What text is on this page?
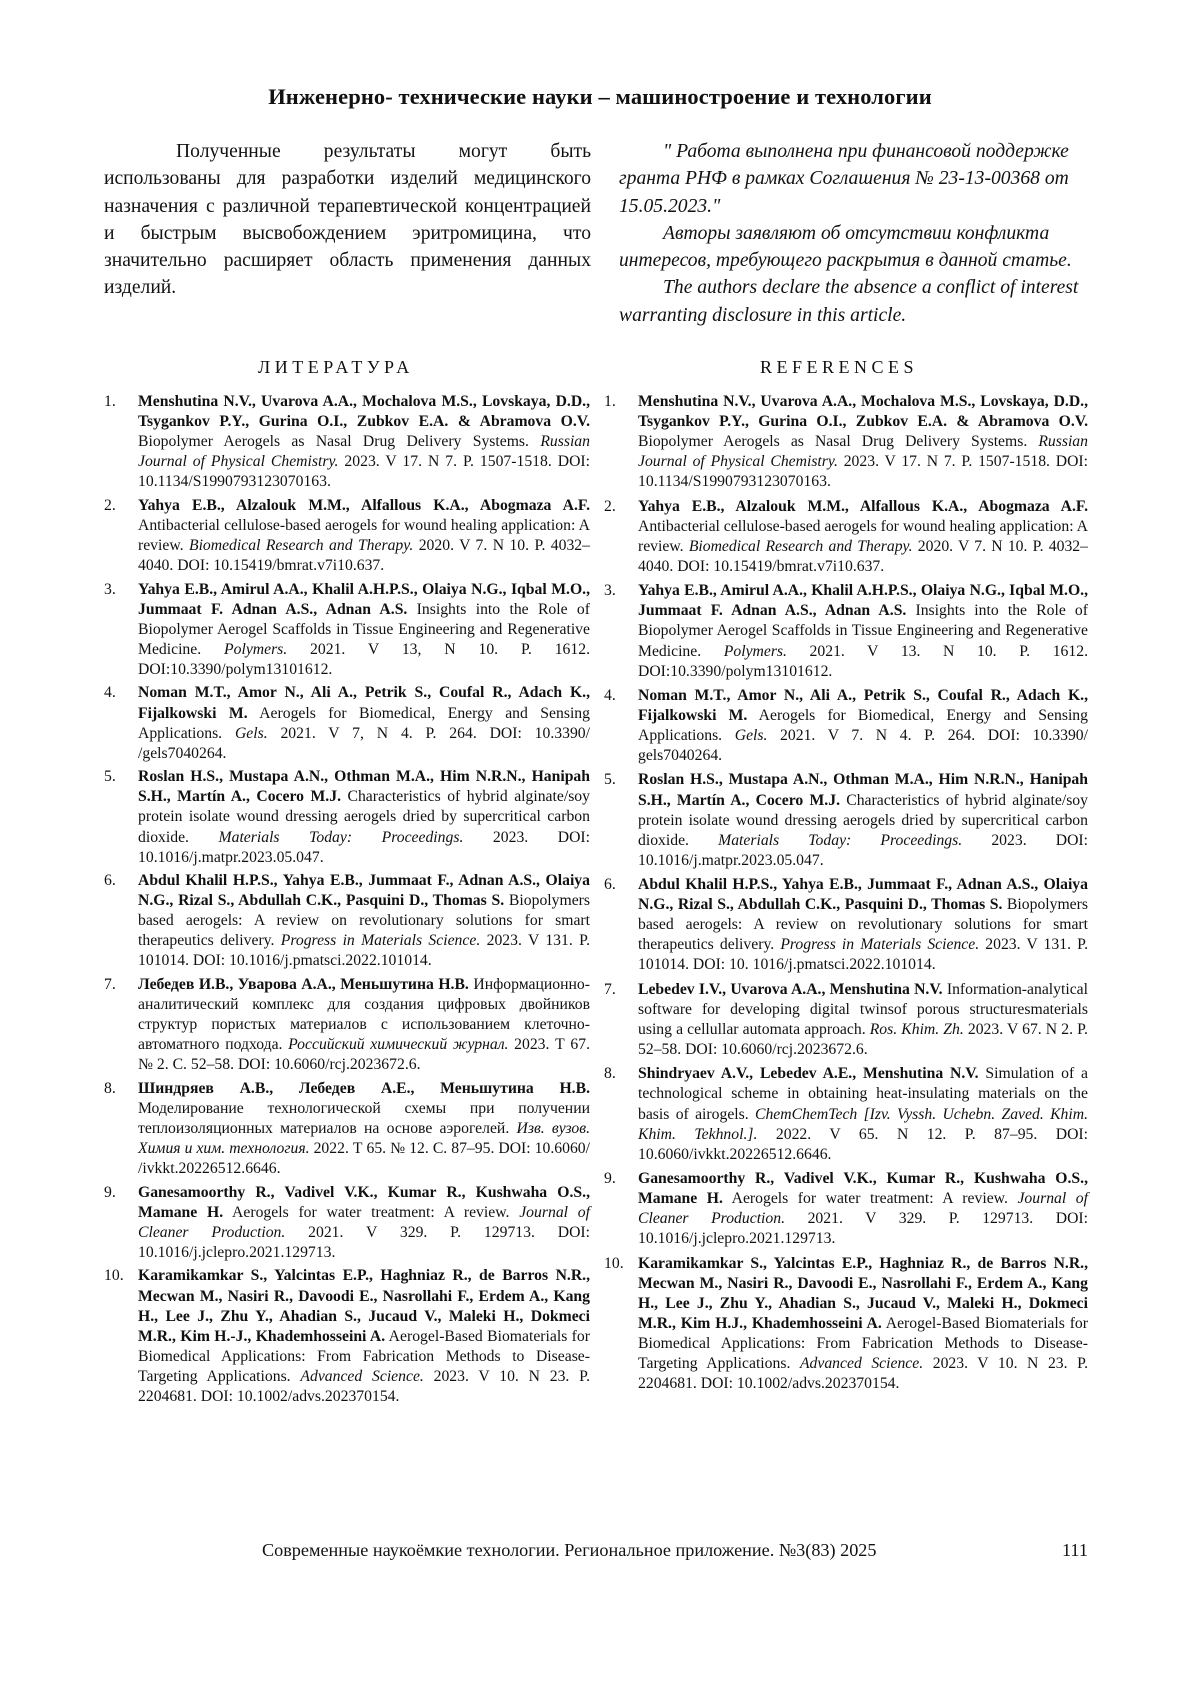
Инженерно- технические науки – машиностроение и технологии

Полученные результаты могут быть использованы для разработки изделий медицинского назначения с различной терапевтической концентрацией и быстрым высвобождением эритромицина, что значительно расширяет область применения данных изделий.

" Работа выполнена при финансовой поддержке гранта РНФ в рамках Соглашения № 23-13-00368 от 15.05.2023."

Авторы заявляют об отсутствии конфликта интересов, требующего раскрытия в данной статье.

The authors declare the absence a conflict of interest warranting disclosure in this article.

ЛИТЕРАТУРА	REFERENCES
1.	Menshutina N.V., Uvarova A.A., Mochalova M.S., Lovskaya, D.D., Tsygankov P.Y., Gurina O.I., Zubkov E.A. & Abramova O.V. Biopolymer Aerogels as Nasal Drug Delivery Systems. Russian Journal of Physical Chemistry. 2023. V 17. N 7. P. 1507-1518. DOI: 10.1134/S1990793123070163.
2.	Yahya E.B., Alzalouk M.M., Alfallous K.A., Abogmaza A.F. Antibacterial cellulose-based aerogels for wound healing application: A review. Biomedical Research and Therapy. 2020. V 7. N 10. P. 4032–4040. DOI: 10.15419/bmrat.v7i10.637.
3.	Yahya E.B., Amirul A.A., Khalil A.H.P.S., Olaiya N.G., Iqbal M.O., Jummaat F. Adnan A.S., Adnan A.S. Insights into the Role of Biopolymer Aerogel Scaffolds in Tissue Engineering and Regenerative Medicine. Polymers. 2021. V 13, N 10. P. 1612. DOI:10.3390/polym13101612.
4.	Noman M.T., Amor N., Ali A., Petrik S., Coufal R., Adach K., Fijalkowski M. Aerogels for Biomedical, Energy and Sensing Applications. Gels. 2021. V 7, N 4. P. 264. DOI: 10.3390/ /gels7040264.
5.	Roslan H.S., Mustapa A.N., Othman M.A., Him N.R.N., Hanipah S.H., Martín A., Cocero M.J. Characteristics of hybrid alginate/soy protein isolate wound dressing aerogels dried by supercritical carbon dioxide. Materials Today: Proceedings. 2023. DOI: 10.1016/j.matpr.2023.05.047.
6.	Abdul Khalil H.P.S., Yahya E.B., Jummaat F., Adnan A.S., Olaiya N.G., Rizal S., Abdullah C.K., Pasquini D., Thomas S. Biopolymers based aerogels: A review on revolutionary solutions for smart therapeutics delivery. Progress in Materials Science. 2023. V 131. P. 101014. DOI: 10.1016/j.pmatsci.2022.101014.
7.	Лебедев И.В., Уварова А.А., Меньшутина Н.В. Информационно-аналитический комплекс для создания цифровых двойников структур пористых материалов с использованием клеточно-автоматного подхода. Российский химический журнал. 2023. Т 67. № 2. С. 52–58. DOI: 10.6060/rcj.2023672.6.
8.	Шиндряев А.В., Лебедев А.Е., Меньшутина Н.В. Моделирование технологической схемы при получении теплоизоляционных материалов на основе аэрогелей. Изв. вузов. Химия и хим. технология. 2022. Т 65. № 12. С. 87–95. DOI: 10.6060/ /ivkkt.20226512.6646.
9.	Ganesamoorthy R., Vadivel V.K., Kumar R., Kushwaha O.S., Mamane H. Aerogels for water treatment: A review. Journal of Cleaner Production. 2021. V 329. P. 129713. DOI: 10.1016/j.jclepro.2021.129713.
10. Karamikamkar S., Yalcintas E.P., Haghniaz R., de Barros N.R., Mecwan M., Nasiri R., Davoodi E., Nasrollahi F., Erdem A., Kang H., Lee J., Zhu Y., Ahadian S., Jucaud V., Maleki H., Dokmeci M.R., Kim H.-J., Khademhosseini A. Aerogel-Based Biomaterials for Biomedical Applications: From Fabrication Methods to Disease-Targeting Applications. Advanced Science. 2023. V 10. N 23. P. 2204681. DOI: 10.1002/advs.202370154.
1.	Menshutina N.V., Uvarova A.A., Mochalova M.S., Lovskaya, D.D., Tsygankov P.Y., Gurina O.I., Zubkov E.A. & Abramova O.V. Biopolymer Aerogels as Nasal Drug Delivery Systems. Russian Journal of Physical Chemistry. 2023. V 17. N 7. P. 1507-1518. DOI: 10.1134/S1990793123070163.
2.	Yahya E.B., Alzalouk M.M., Alfallous K.A., Abogmaza A.F. Antibacterial cellulose-based aerogels for wound healing application: A review. Biomedical Research and Therapy. 2020. V 7. N 10. P. 4032–4040. DOI: 10.15419/bmrat.v7i10.637.
3.	Yahya E.B., Amirul A.A., Khalil A.H.P.S., Olaiya N.G., Iqbal M.O., Jummaat F. Adnan A.S., Adnan A.S. Insights into the Role of Biopolymer Aerogel Scaffolds in Tissue Engineering and Regenerative Medicine. Polymers. 2021. V 13. N 10. P. 1612. DOI:10.3390/polym13101612.
4.	Noman M.T., Amor N., Ali A., Petrik S., Coufal R., Adach K., Fijalkowski M. Aerogels for Biomedical, Energy and Sensing Applications. Gels. 2021. V 7. N 4. P. 264. DOI: 10.3390/ gels7040264.
5.	Roslan H.S., Mustapa A.N., Othman M.A., Him N.R.N., Hanipah S.H., Martín A., Cocero M.J. Characteristics of hybrid alginate/soy protein isolate wound dressing aerogels dried by supercritical carbon dioxide. Materials Today: Proceedings. 2023. DOI: 10.1016/j.matpr.2023.05.047.
6.	Abdul Khalil H.P.S., Yahya E.B., Jummaat F., Adnan A.S., Olaiya N.G., Rizal S., Abdullah C.K., Pasquini D., Thomas S. Biopolymers based aerogels: A review on revolutionary solutions for smart therapeutics delivery. Progress in Materials Science. 2023. V 131. P. 101014. DOI: 10. 1016/j.pmatsci.2022.101014.
7.	Lebedev I.V., Uvarova A.A., Menshutina N.V. Information-analytical software for developing digital twinsof porous structuresmaterials using a cellullar automata approach. Ros. Khim. Zh. 2023. V 67. N 2. P. 52–58. DOI: 10.6060/rcj.2023672.6.
8.	Shindryaev A.V., Lebedev A.E., Menshutina N.V. Simulation of a technological scheme in obtaining heat-insulating materials on the basis of airogels. ChemChemTech [Izv. Vyssh. Uchebn. Zaved. Khim. Khim. Tekhnol.]. 2022. V 65. N 12. P. 87–95. DOI: 10.6060/ivkkt.20226512.6646.
9.	Ganesamoorthy R., Vadivel V.K., Kumar R., Kushwaha O.S., Mamane H. Aerogels for water treatment: A review. Journal of Cleaner Production. 2021. V 329. P. 129713. DOI: 10.1016/j.jclepro.2021.129713.
10. Karamikamkar S., Yalcintas E.P., Haghniaz R., de Barros N.R., Mecwan M., Nasiri R., Davoodi E., Nasrollahi F., Erdem A., Kang H., Lee J., Zhu Y., Ahadian S., Jucaud V., Maleki H., Dokmeci M.R., Kim H.J., Khademhosseini A. Aerogel-Based Biomaterials for Biomedical Applications: From Fabrication Methods to Disease-Targeting Applications. Advanced Science. 2023. V 10. N 23. P. 2204681. DOI: 10.1002/advs.202370154.
Современные наукоёмкие технологии. Региональное приложение. №3(83) 2025	111
